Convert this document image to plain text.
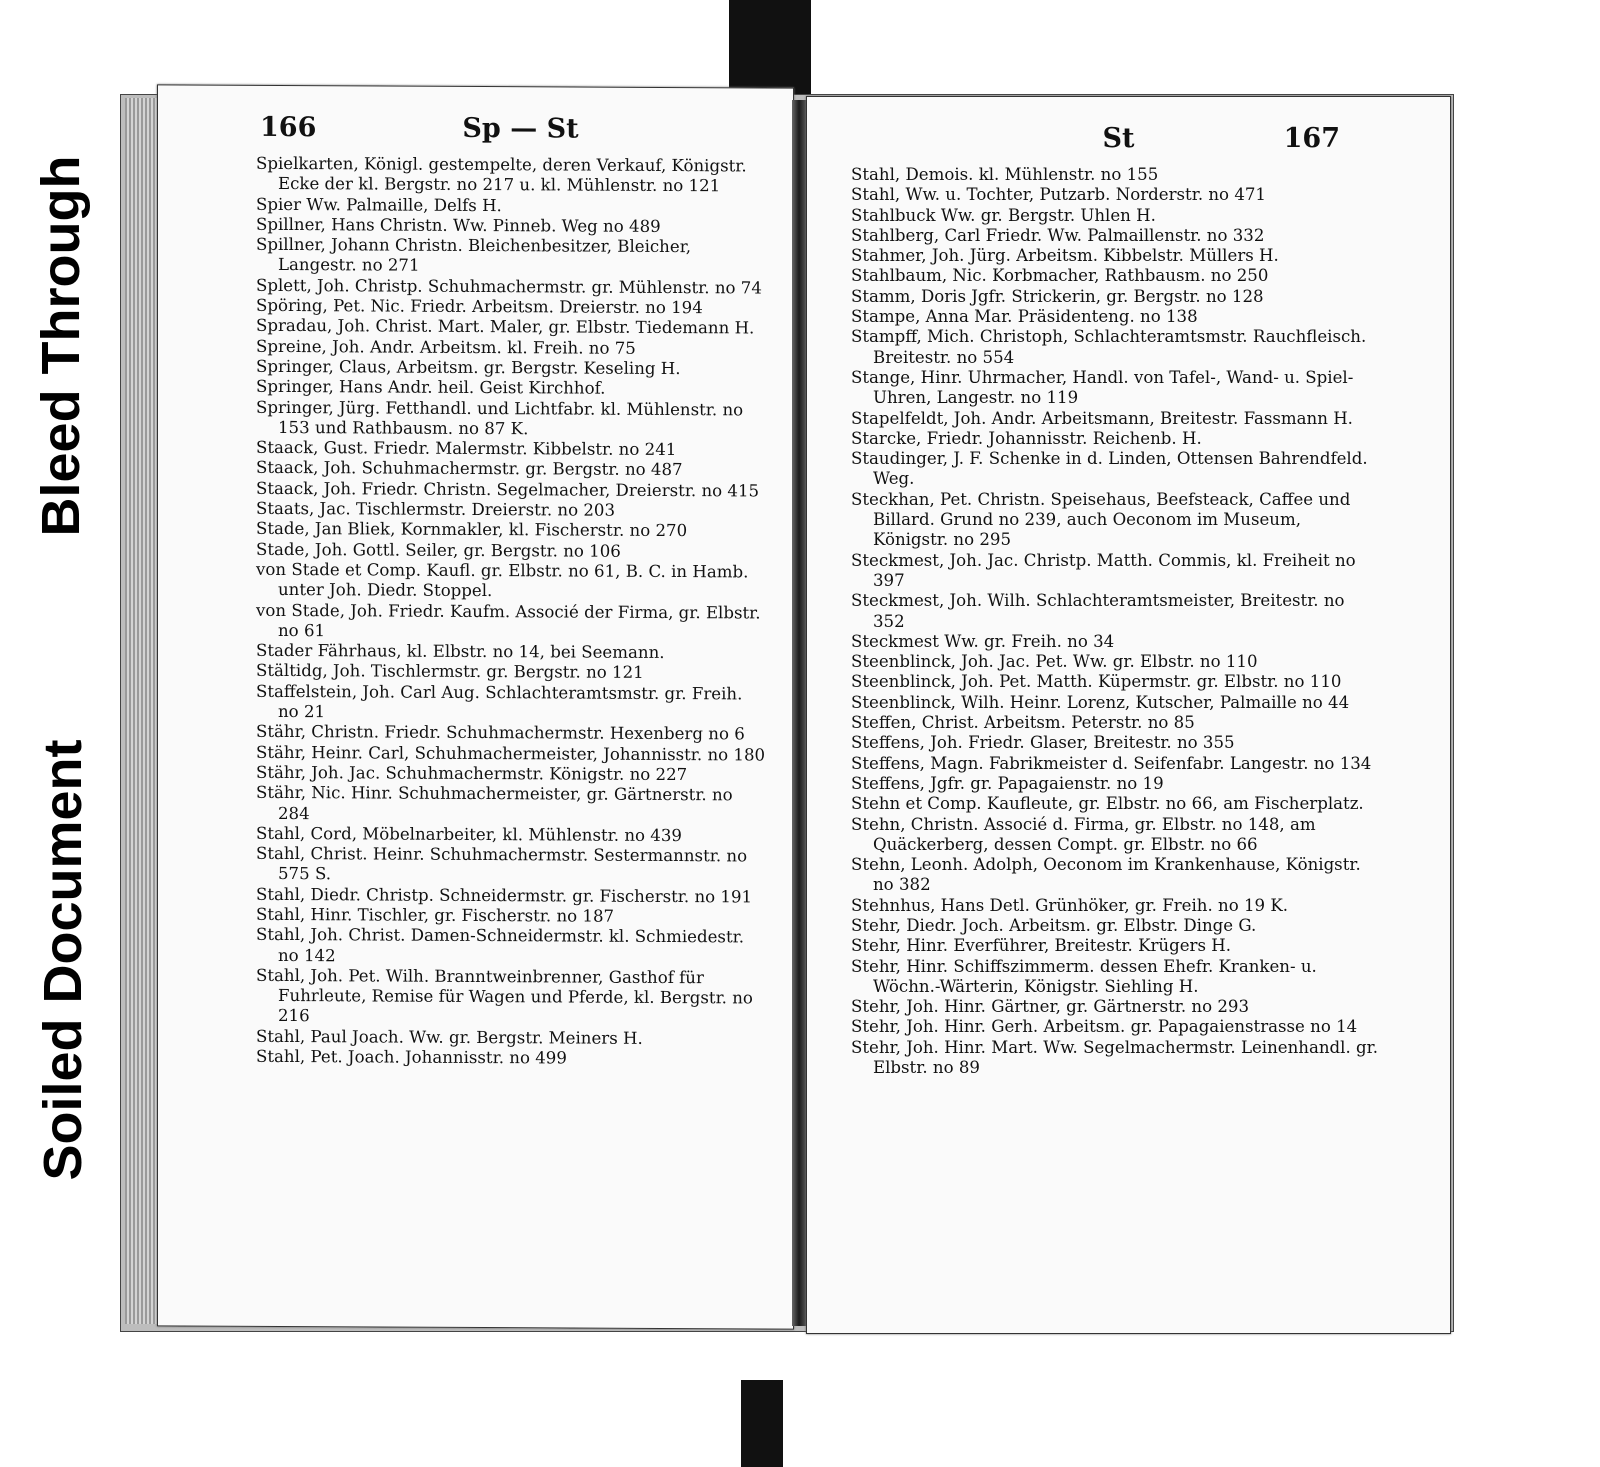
Bleed Through
Soiled Document
166	Sp — St

Spielkarten, Königl. gestempelte, deren Verkauf, Königstr. Ecke der kl. Bergstr. no 217 u. kl. Mühlenstr. no 121

Spier Ww. Palmaille, Delfs H.

Spillner, Hans Christn. Ww. Pinneb. Weg no 489

Spillner, Johann Christn. Bleichenbesitzer, Bleicher, Langestr. no 271

Splett, Joh. Christp. Schuhmachermstr. gr. Mühlenstr. no 74

Spöring, Pet. Nic. Friedr. Arbeitsm. Dreierstr. no 194

Spradau, Joh. Christ. Mart. Maler, gr. Elbstr. Tiedemann H.

Spreine, Joh. Andr. Arbeitsm. kl. Freih. no 75

Springer, Claus, Arbeitsm. gr. Bergstr. Keseling H.

Springer, Hans Andr. heil. Geist Kirchhof.

Springer, Jürg. Fetthandl. und Lichtfabr. kl. Mühlenstr. no 153 und Rathbausm. no 87 K.

Staack, Gust. Friedr. Malermstr. Kibbelstr. no 241

Staack, Joh. Schuhmachermstr. gr. Bergstr. no 487

Staack, Joh. Friedr. Christn. Segelmacher, Dreierstr. no 415

Staats, Jac. Tischlermstr. Dreierstr. no 203

Stade, Jan Bliek, Kornmakler, kl. Fischerstr. no 270

Stade, Joh. Gottl. Seiler, gr. Bergstr. no 106

von Stade et Comp. Kaufl. gr. Elbstr. no 61, B. C. in Hamb. unter Joh. Diedr. Stoppel.

von Stade, Joh. Friedr. Kaufm. Associé der Firma, gr. Elbstr. no 61

Stader Fährhaus, kl. Elbstr. no 14, bei Seemann.

Stältidg, Joh. Tischlermstr. gr. Bergstr. no 121

Staffelstein, Joh. Carl Aug. Schlachteramtsmstr. gr. Freih. no 21

Stähr, Christn. Friedr. Schuhmachermstr. Hexenberg no 6

Stähr, Heinr. Carl, Schuhmachermeister, Johannisstr. no 180

Stähr, Joh. Jac. Schuhmachermstr. Königstr. no 227

Stähr, Nic. Hinr. Schuhmachermeister, gr. Gärtnerstr. no 284

Stahl, Cord, Möbelnarbeiter, kl. Mühlenstr. no 439

Stahl, Christ. Heinr. Schuhmachermstr. Sestermannstr. no 575 S.

Stahl, Diedr. Christp. Schneidermstr. gr. Fischerstr. no 191

Stahl, Hinr. Tischler, gr. Fischerstr. no 187

Stahl, Joh. Christ. Damen-Schneidermstr. kl. Schmiedestr. no 142

Stahl, Joh. Pet. Wilh. Branntweinbrenner, Gasthof für Fuhrleute, Remise für Wagen und Pferde, kl. Bergstr. no 216

Stahl, Paul Joach. Ww. gr. Bergstr. Meiners H.

Stahl, Pet. Joach. Johannisstr. no 499

St	167

Stahl, Demois. kl. Mühlenstr. no 155

Stahl, Ww. u. Tochter, Putzarb. Norderstr. no 471

Stahlbuck Ww. gr. Bergstr. Uhlen H.

Stahlberg, Carl Friedr. Ww. Palmaillenstr. no 332

Stahmer, Joh. Jürg. Arbeitsm. Kibbelstr. Müllers H.

Stahlbaum, Nic. Korbmacher, Rathbausm. no 250

Stamm, Doris Jgfr. Strickerin, gr. Bergstr. no 128

Stampe, Anna Mar. Präsidenteng. no 138

Stampff, Mich. Christoph, Schlachteramtsmstr. Rauchfleisch. Breitestr. no 554

Stange, Hinr. Uhrmacher, Handl. von Tafel-, Wand- u. Spiel-Uhren, Langestr. no 119

Stapelfeldt, Joh. Andr. Arbeitsmann, Breitestr. Fassmann H.

Starcke, Friedr. Johannisstr. Reichenb. H.

Staudinger, J. F. Schenke in d. Linden, Ottensen Bahrendfeld. Weg.

Steckhan, Pet. Christn. Speisehaus, Beefsteack, Caffee und Billard. Grund no 239, auch Oeconom im Museum, Königstr. no 295

Steckmest, Joh. Jac. Christp. Matth. Commis, kl. Freiheit no 397

Steckmest, Joh. Wilh. Schlachteramtsmeister, Breitestr. no 352

Steckmest Ww. gr. Freih. no 34

Steenblinck, Joh. Jac. Pet. Ww. gr. Elbstr. no 110

Steenblinck, Joh. Pet. Matth. Küpermstr. gr. Elbstr. no 110

Steenblinck, Wilh. Heinr. Lorenz, Kutscher, Palmaille no 44

Steffen, Christ. Arbeitsm. Peterstr. no 85

Steffens, Joh. Friedr. Glaser, Breitestr. no 355

Steffens, Magn. Fabrikmeister d. Seifenfabr. Langestr. no 134

Steffens, Jgfr. gr. Papagaienstr. no 19

Stehn et Comp. Kaufleute, gr. Elbstr. no 66, am Fischerplatz.

Stehn, Christn. Associé d. Firma, gr. Elbstr. no 148, am Quäckerberg, dessen Compt. gr. Elbstr. no 66

Stehn, Leonh. Adolph, Oeconom im Krankenhause, Königstr. no 382

Stehnhus, Hans Detl. Grünhöker, gr. Freih. no 19 K.

Stehr, Diedr. Joch. Arbeitsm. gr. Elbstr. Dinge G.

Stehr, Hinr. Everführer, Breitestr. Krügers H.

Stehr, Hinr. Schiffszimmerm. dessen Ehefr. Kranken- u. Wöchn.-Wärterin, Königstr. Siehling H.

Stehr, Joh. Hinr. Gärtner, gr. Gärtnerstr. no 293

Stehr, Joh. Hinr. Gerh. Arbeitsm. gr. Papagaienstrasse no 14

Stehr, Joh. Hinr. Mart. Ww. Segelmachermstr. Leinenhandl. gr. Elbstr. no 89
